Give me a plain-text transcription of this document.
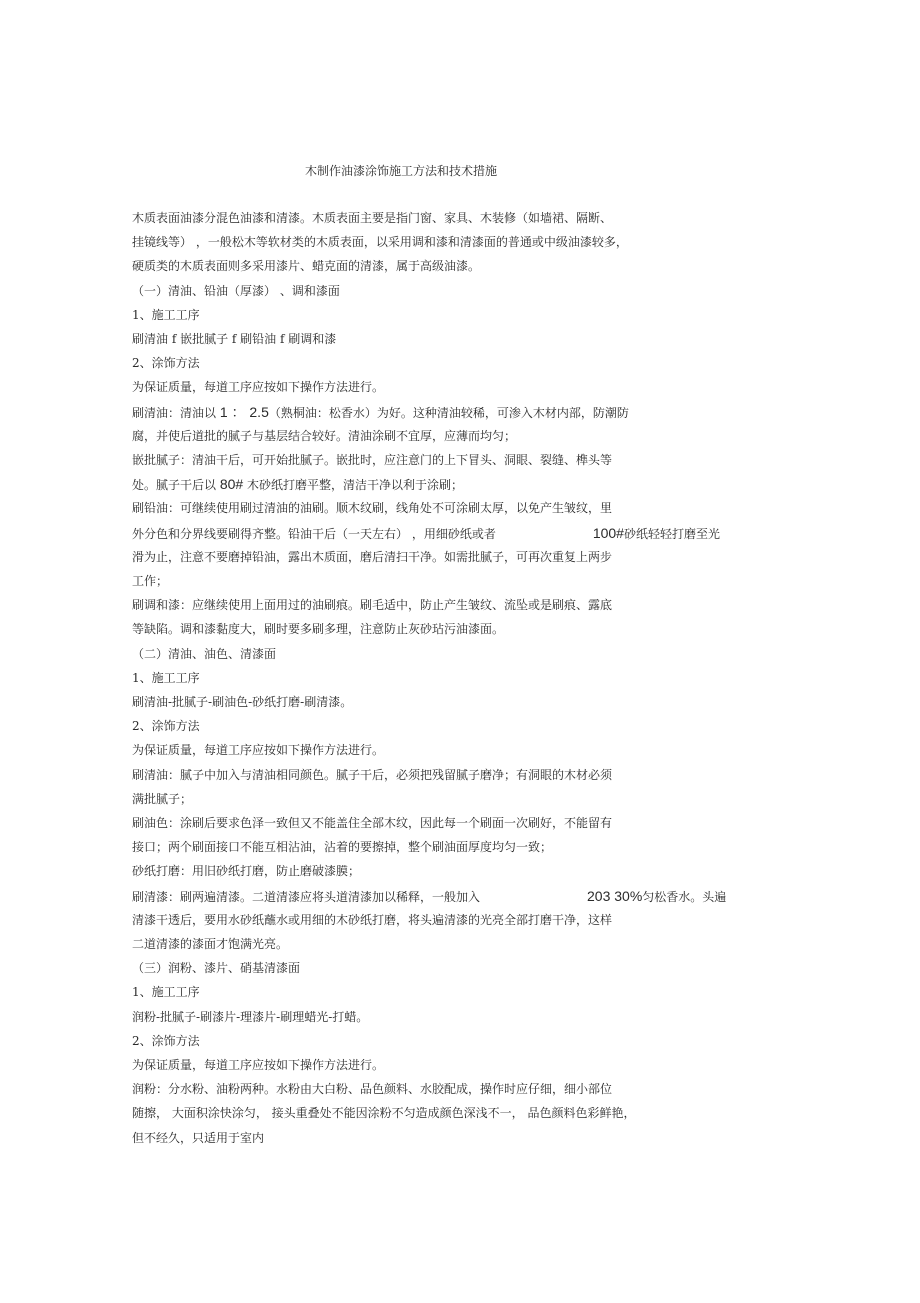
木制作油漆涂饰施工方法和技术措施
木质表面油漆分混色油漆和清漆。木质表面主要是指门窗、家具、木装修（如墙裙、隔断、
挂镜线等） ，一般松木等软材类的木质表面，以采用调和漆和清漆面的普通或中级油漆较多，
硬质类的木质表面则多采用漆片、蜡克面的清漆，属于高级油漆。
（一）清油、铅油（厚漆） 、调和漆面
1、施工工序
刷清油 f 嵌批腻子 f 刷铅油 f 刷调和漆
2、涂饰方法
为保证质量，每道工序应按如下操作方法进行。
刷清油：清油以 1 ： 2.5（熟桐油：松香水）为好。这种清油较稀，可渗入木材内部，防潮防
腐，并使后道批的腻子与基层结合较好。清油涂刷不宜厚，应薄而均匀；
嵌批腻子：清油干后，可开始批腻子。嵌批时，应注意门的上下冒头、洞眼、裂缝、榫头等
处。腻子干后以 80# 木砂纸打磨平整，清洁干净以利于涂刷；
刷铅油：可继续使用刷过清油的油刷。顺木纹刷，线角处不可涂刷太厚，以免产生皱纹，里
外分色和分界线要刷得齐整。铅油干后（一天左右） ，用细砂纸或者	100#砂纸轻轻打磨至光
滑为止，注意不要磨掉铅油，露出木质面，磨后清扫干净。如需批腻子，可再次重复上两步
工作；
刷调和漆：应继续使用上面用过的油刷痕。刷毛适中，防止产生皱纹、流坠或是刷痕、露底
等缺陷。调和漆黏度大，刷时要多刷多理，注意防止灰砂玷污油漆面。
（二）清油、油色、清漆面
1、施工工序
刷清油-批腻子-刷油色-砂纸打磨-刷清漆。
2、涂饰方法
为保证质量，每道工序应按如下操作方法进行。
刷清油：腻子中加入与清油相同颜色。腻子干后，必须把残留腻子磨净；有洞眼的木材必须
满批腻子；
刷油色：涂刷后要求色泽一致但又不能盖住全部木纹，因此每一个刷面一次刷好，不能留有
接口；两个刷面接口不能互相沾油，沾着的要擦掉，整个刷油面厚度均匀一致；
砂纸打磨：用旧砂纸打磨，防止磨破漆膜；
刷清漆：刷两遍清漆。二道清漆应将头道清漆加以稀释，一般加入	203 30%匀松香水。头遍
清漆干透后，要用水砂纸蘸水或用细的木砂纸打磨，将头遍清漆的光亮全部打磨干净，这样
二道清漆的漆面才饱满光亮。
（三）润粉、漆片、硝基清漆面
1、施工工序
润粉-批腻子-刷漆片-理漆片-刷理蜡光-打蜡。
2、涂饰方法
为保证质量，每道工序应按如下操作方法进行。
润粉：分水粉、油粉两种。水粉由大白粉、品色颜料、水胶配成，操作时应仔细，细小部位
随擦， 大面积涂快涂匀， 接头重叠处不能因涂粉不匀造成颜色深浅不一， 品色颜料色彩鲜艳，
但不经久，只适用于室内
